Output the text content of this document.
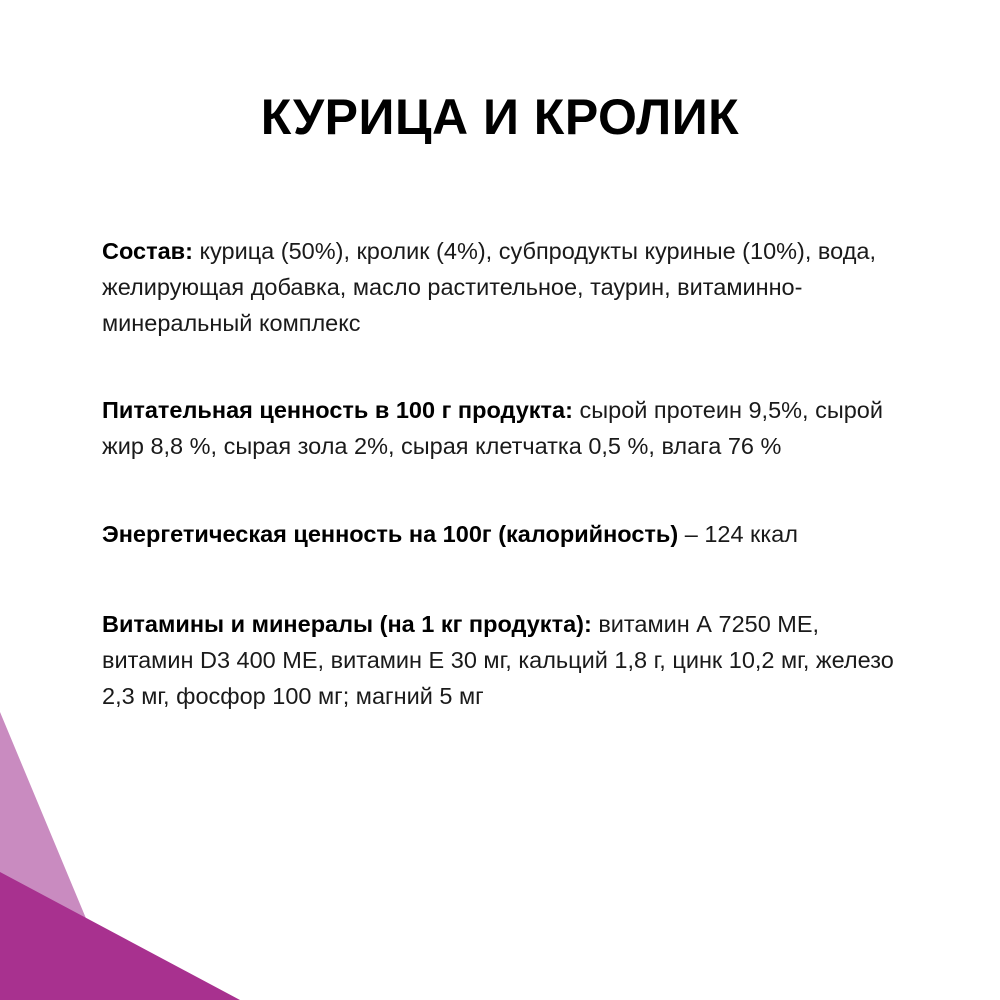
КУРИЦА И КРОЛИК

Состав: курица (50%), кролик (4%), субпродукты куриные (10%), вода, желирующая добавка, масло растительное, таурин, витаминно-минеральный комплекс

Питательная ценность в 100 г продукта: сырой протеин 9,5%, сырой жир 8,8 %, сырая зола 2%, сырая клетчатка 0,5 %, влага 76 %

Энергетическая ценность на 100г (калорийность) – 124 ккал

Витамины и минералы (на 1 кг продукта): витамин А 7250 МЕ, витамин D3 400 МЕ, витамин Е 30 мг, кальций 1,8 г, цинк 10,2 мг, железо 2,3 мг, фосфор 100 мг; магний 5 мг
